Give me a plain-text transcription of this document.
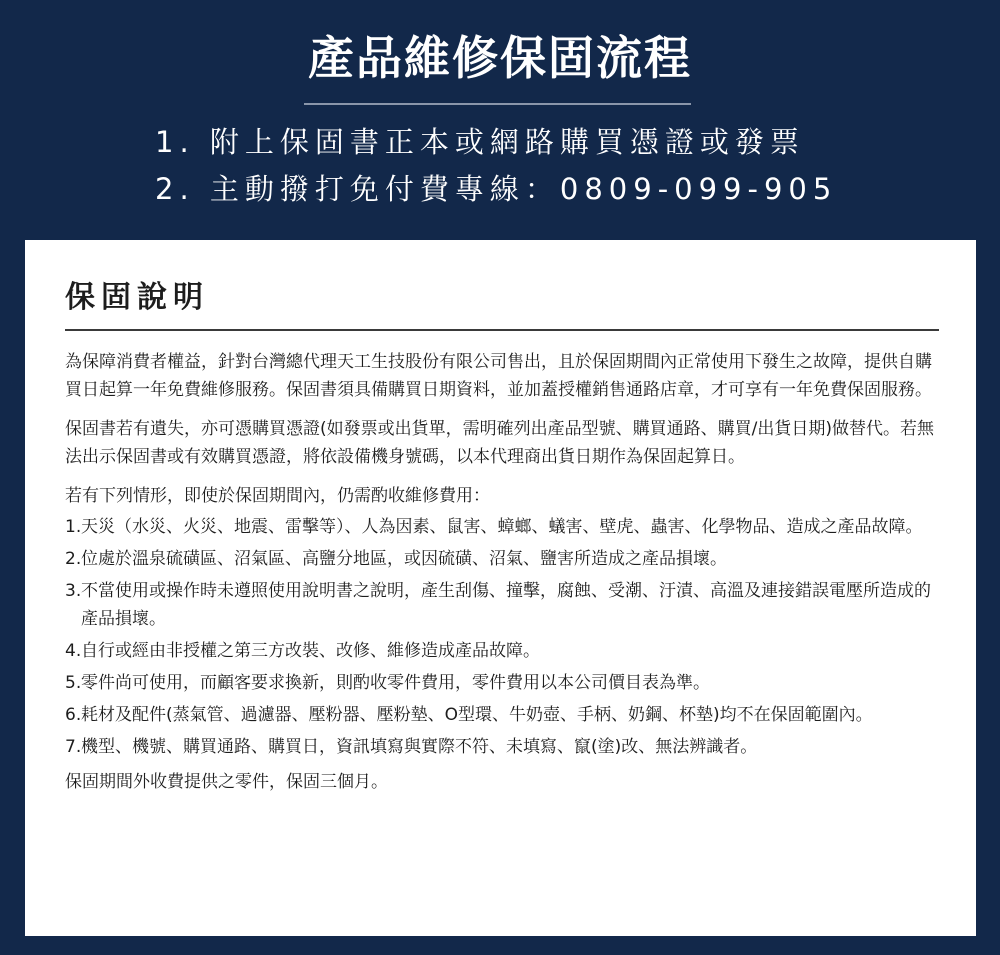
產品維修保固流程
1. 附上保固書正本或網路購買憑證或發票
2. 主動撥打免付費專線：0809-099-905
保固說明

為保障消費者權益，針對台灣總代理天工生技股份有限公司售出，且於保固期間內正常使用下發生之故障，提供自購買日起算一年免費維修服務。保固書須具備購買日期資料，並加蓋授權銷售通路店章，才可享有一年免費保固服務。

保固書若有遺失，亦可憑購買憑證(如發票或出貨單，需明確列出產品型號、購買通路、購買/出貨日期)做替代。若無法出示保固書或有效購買憑證，將依設備機身號碼，以本代理商出貨日期作為保固起算日。

若有下列情形，即使於保固期間內，仍需酌收維修費用：

1. 天災（水災、火災、地震、雷擊等）、人為因素、鼠害、蟑螂、蟻害、壁虎、蟲害、化學物品、造成之產品故障。
2. 位處於溫泉硫磺區、沼氣區、高鹽分地區，或因硫磺、沼氣、鹽害所造成之產品損壞。
3. 不當使用或操作時未遵照使用說明書之說明，產生刮傷、撞擊，腐蝕、受潮、汙漬、高溫及連接錯誤電壓所造成的產品損壞。
4. 自行或經由非授權之第三方改裝、改修、維修造成產品故障。
5. 零件尚可使用，而顧客要求換新，則酌收零件費用，零件費用以本公司價目表為準。
6. 耗材及配件(蒸氣管、過濾器、壓粉器、壓粉墊、O型環、牛奶壺、手柄、奶鋼、杯墊)均不在保固範圍內。
7. 機型、機號、購買通路、購買日，資訊填寫與實際不符、未填寫、竄(塗)改、無法辨識者。

保固期間外收費提供之零件，保固三個月。
